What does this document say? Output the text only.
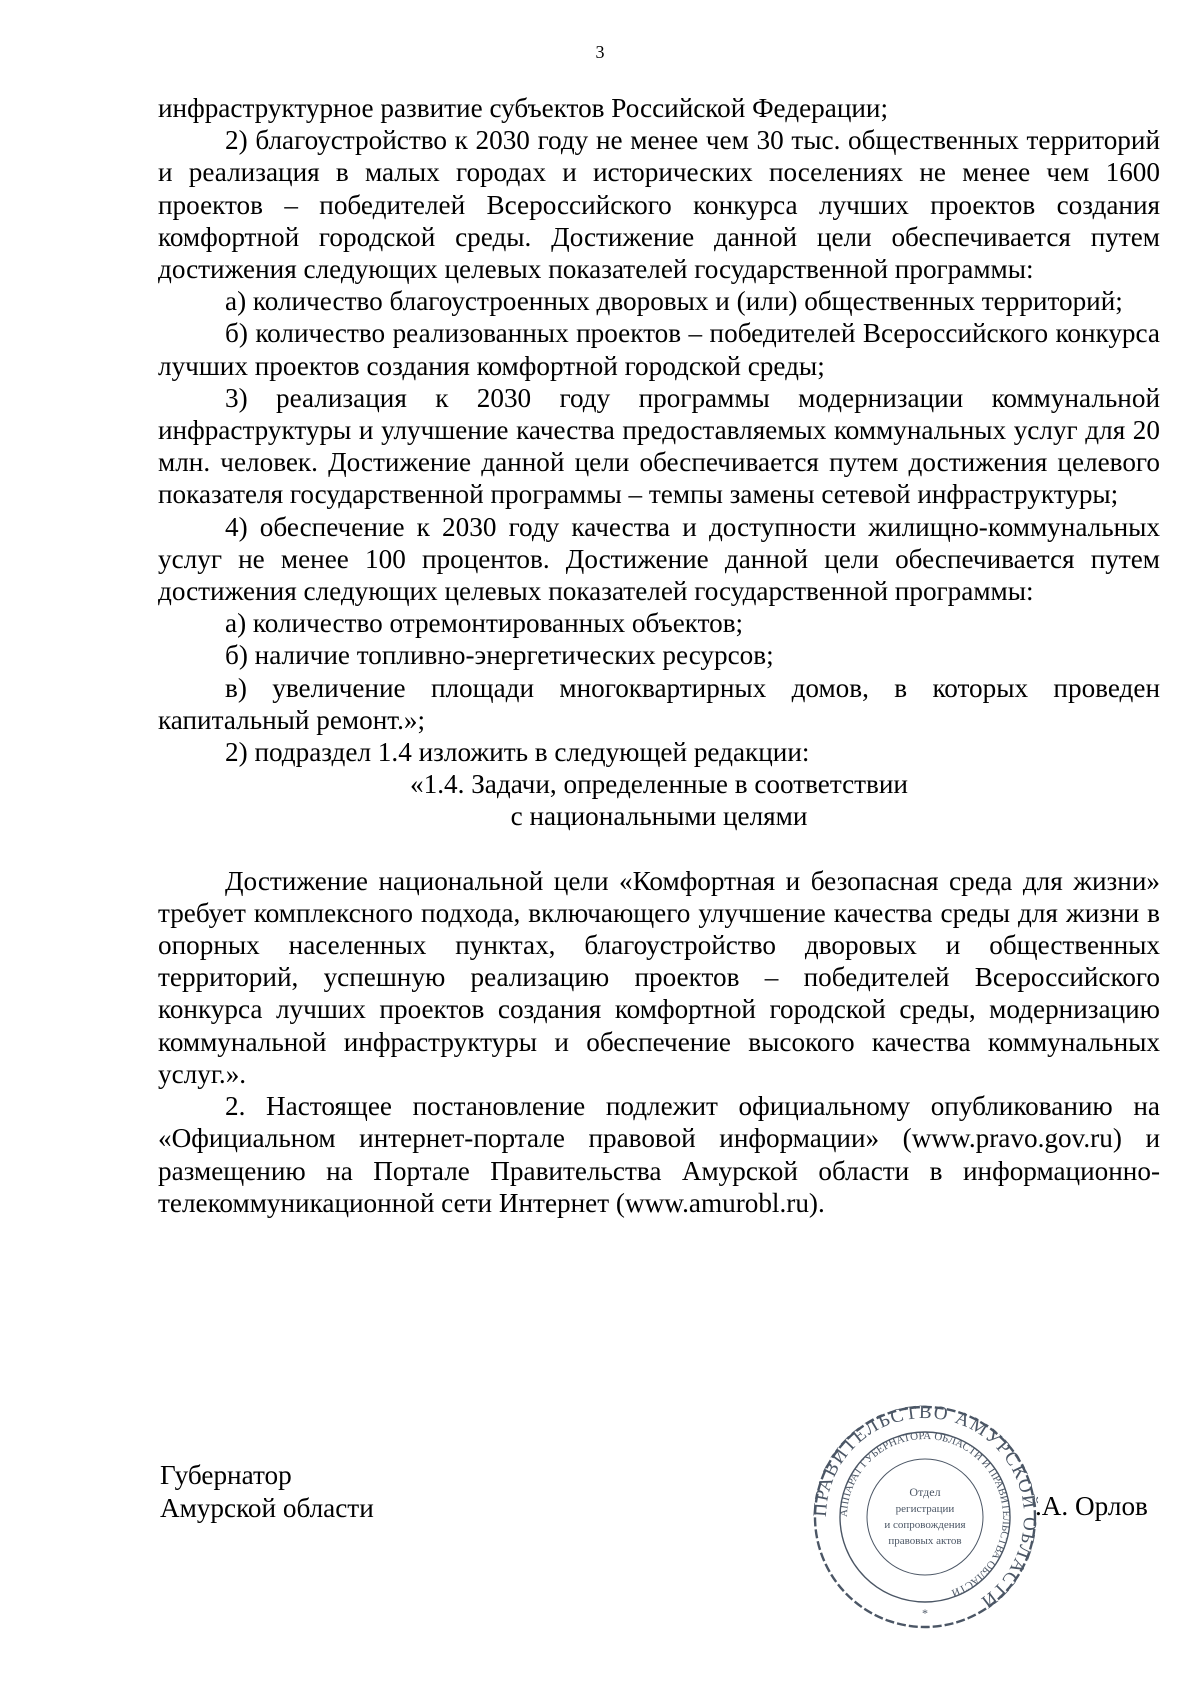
3

инфраструктурное развитие субъектов Российской Федерации;

2) благоустройство к 2030 году не менее чем 30 тыс. общественных территорий и реализация в малых городах и исторических поселениях не менее чем 1600 проектов – победителей Всероссийского конкурса лучших проектов создания комфортной городской среды. Достижение данной цели обеспечивается путем достижения следующих целевых показателей государственной программы:

а) количество благоустроенных дворовых и (или) общественных территорий;

б) количество реализованных проектов – победителей Всероссийского конкурса лучших проектов создания комфортной городской среды;

3) реализация к 2030 году программы модернизации коммунальной инфраструктуры и улучшение качества предоставляемых коммунальных услуг для 20 млн. человек. Достижение данной цели обеспечивается путем достижения целевого показателя государственной программы – темпы замены сетевой инфраструктуры;

4) обеспечение к 2030 году качества и доступности жилищно-коммунальных услуг не менее 100 процентов. Достижение данной цели обеспечивается путем достижения следующих целевых показателей государственной программы:

а) количество отремонтированных объектов;

б) наличие топливно-энергетических ресурсов;

в) увеличение площади многоквартирных домов, в которых проведен капитальный ремонт.»;

2) подраздел 1.4 изложить в следующей редакции:

«1.4. Задачи, определенные в соответствии

с национальными целями

Достижение национальной цели «Комфортная и безопасная среда для жизни» требует комплексного подхода, включающего улучшение качества среды для жизни в опорных населенных пунктах, благоустройство дворовых и общественных территорий, успешную реализацию проектов – победителей Всероссийского конкурса лучших проектов создания комфортной городской среды, модернизацию коммунальной инфраструктуры и обеспечение высокого качества коммунальных услуг.».

2. Настоящее постановление подлежит официальному опубликованию на «Официальном интернет-портале правовой информации» (www.pravo.gov.ru) и размещению на Портале Правительства Амурской области в информационно-телекоммуникационной сети Интернет (www.amurobl.ru).

Губернатор
Амурской области	РАВИТЕЛЬСТВО АМУРСКОЙ БЛАСТИ
АППАРАТ ГУБЕРНАТОРА ОБЛАСТИ И ПРАВИТЕЛЬСТВА ОБЛАСТИ
Отдел
регистрации
и сопровождения
правовых актов
*
.А. Орлов
